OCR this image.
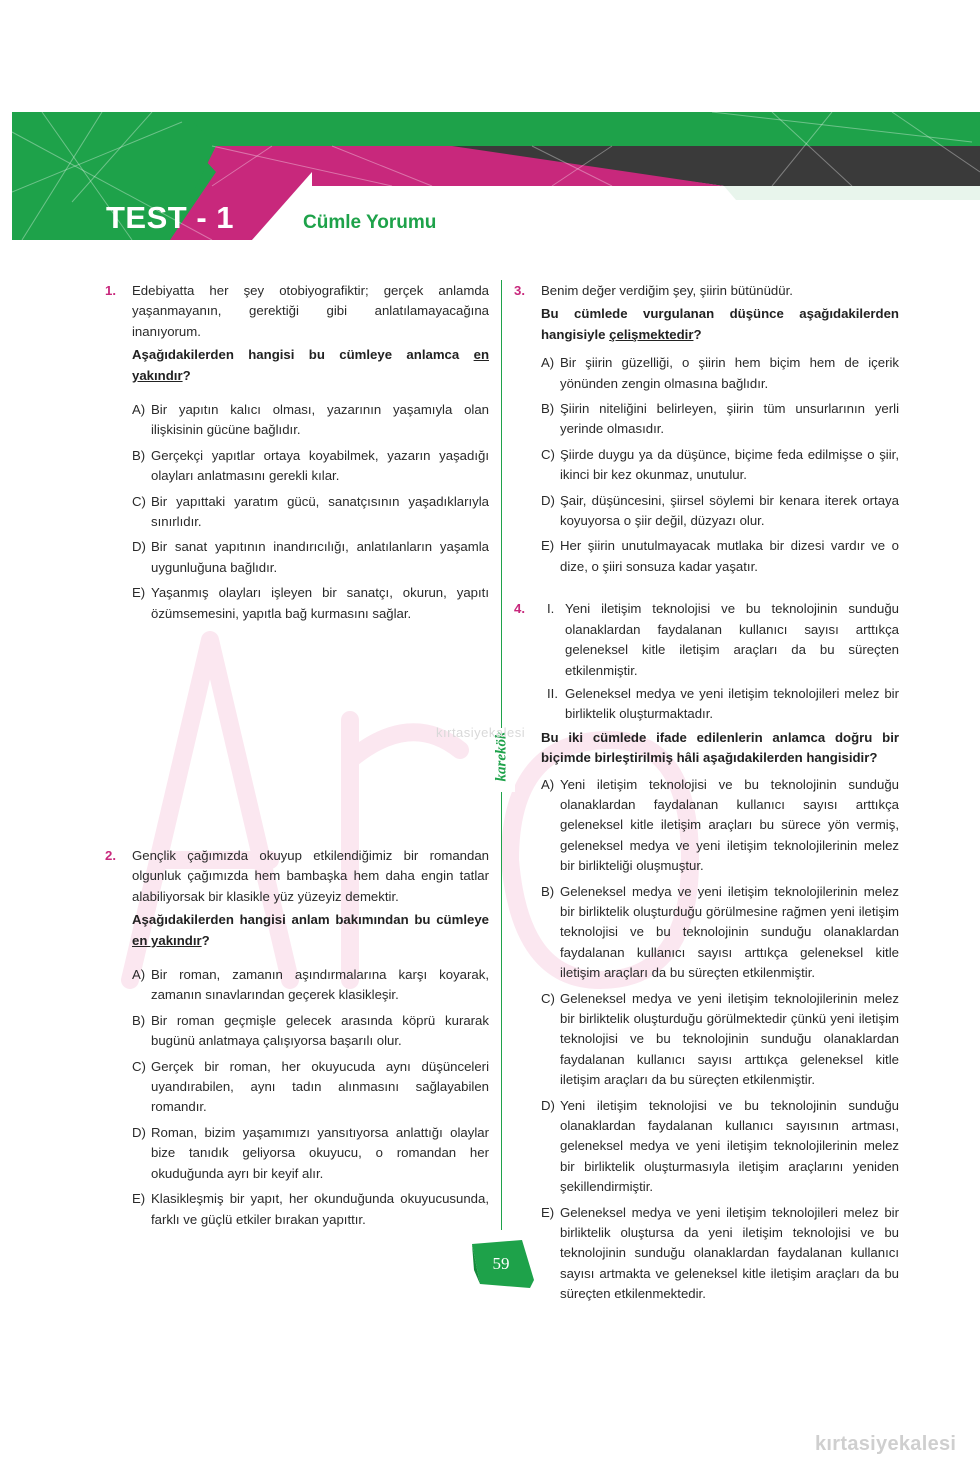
TEST - 1	Cümle Yorumu
karekök
kırtasiyekalesi
1. Edebiyatta her şey otobiyografiktir; gerçek anlamda yaşanmayanın, gerektiği gibi anlatılamayacağına inanıyorum.

Aşağıdakilerden hangisi bu cümleye anlamca en yakındır?

A) Bir yapıtın kalıcı olması, yazarının yaşamıyla olan ilişkisinin gücüne bağlıdır.
B) Gerçekçi yapıtlar ortaya koyabilmek, yazarın yaşadığı olayları anlatmasını gerekli kılar.
C) Bir yapıttaki yaratım gücü, sanatçısının yaşadıklarıyla sınırlıdır.
D) Bir sanat yapıtının inandırıcılığı, anlatılanların yaşamla uygunluğuna bağlıdır.
E) Yaşanmış olayları işleyen bir sanatçı, okurun, yapıtı özümsemesini, yapıtla bağ kurmasını sağlar.
2. Gençlik çağımızda okuyup etkilendiğimiz bir romandan olgunluk çağımızda hem bambaşka hem daha engin tatlar alabiliyorsak bir klasikle yüz yüzeyiz demektir.

Aşağıdakilerden hangisi anlam bakımından bu cümleye en yakındır?

A) Bir roman, zamanın aşındırmalarına karşı koyarak, zamanın sınavlarından geçerek klasikleşir.
B) Bir roman geçmişle gelecek arasında köprü kurarak bugünü anlatmaya çalışıyorsa başarılı olur.
C) Gerçek bir roman, her okuyucuda aynı düşünceleri uyandırabilen, aynı tadın alınmasını sağlayabilen romandır.
D) Roman, bizim yaşamımızı yansıtıyorsa anlattığı olaylar bize tanıdık geliyorsa okuyucu, o romandan her okuduğunda ayrı bir keyif alır.
E) Klasikleşmiş bir yapıt, her okunduğunda okuyucusunda, farklı ve güçlü etkiler bırakan yapıttır.
3. Benim değer verdiğim şey, şiirin bütünüdür.

Bu cümlede vurgulanan düşünce aşağıdakilerden hangisiyle çelişmektedir?

A) Bir şiirin güzelliği, o şiirin hem biçim hem de içerik yönünden zengin olmasına bağlıdır.
B) Şiirin niteliğini belirleyen, şiirin tüm unsurlarının yerli yerinde olmasıdır.
C) Şiirde duygu ya da düşünce, biçime feda edilmişse o şiir, ikinci bir kez okunmaz, unutulur.
D) Şair, düşüncesini, şiirsel söylemi bir kenara iterek ortaya koyuyorsa o şiir değil, düzyazı olur.
E) Her şiirin unutulmayacak mutlaka bir dizesi vardır ve o dize, o şiiri sonsuza kadar yaşatır.
4. I. Yeni iletişim teknolojisi ve bu teknolojinin sunduğu olanaklardan faydalanan kullanıcı sayısı arttıkça geleneksel kitle iletişim araçları da bu süreçten etkilenmiştir.
II. Geleneksel medya ve yeni iletişim teknolojileri melez bir birliktelik oluşturmaktadır.

Bu iki cümlede ifade edilenlerin anlamca doğru bir biçimde birleştirilmiş hâli aşağıdakilerden hangisidir?

A) Yeni iletişim teknolojisi ve bu teknolojinin sunduğu olanaklardan faydalanan kullanıcı sayısı arttıkça geleneksel kitle iletişim araçları bu sürece yön vermiş, geleneksel medya ve yeni iletişim teknolojilerinin melez bir birlikteliği oluşmuştur.
B) Geleneksel medya ve yeni iletişim teknolojilerinin melez bir birliktelik oluşturduğu görülmesine rağmen yeni iletişim teknolojisi ve bu teknolojinin sunduğu olanaklardan faydalanan kullanıcı sayısı arttıkça geleneksel kitle iletişim araçları da bu süreçten etkilenmiştir.
C) Geleneksel medya ve yeni iletişim teknolojilerinin melez bir birliktelik oluşturduğu görülmektedir çünkü yeni iletişim teknolojisi ve bu teknolojinin sunduğu olanaklardan faydalanan kullanıcı sayısı arttıkça geleneksel kitle iletişim araçları da bu süreçten etkilenmiştir.
D) Yeni iletişim teknolojisi ve bu teknolojinin sunduğu olanaklardan faydalanan kullanıcı sayısının artması, geleneksel medya ve yeni iletişim teknolojilerinin melez bir birliktelik oluşturmasıyla iletişim araçlarını yeniden şekillendirmiştir.
E) Geleneksel medya ve yeni iletişim teknolojileri melez bir birliktelik oluştursa da yeni iletişim teknolojisi ve bu teknolojinin sunduğu olanaklardan faydalanan kullanıcı sayısı artmakta ve geleneksel kitle iletişim araçları da bu süreçten etkilenmektedir.
59
kırtasiyekalesi
